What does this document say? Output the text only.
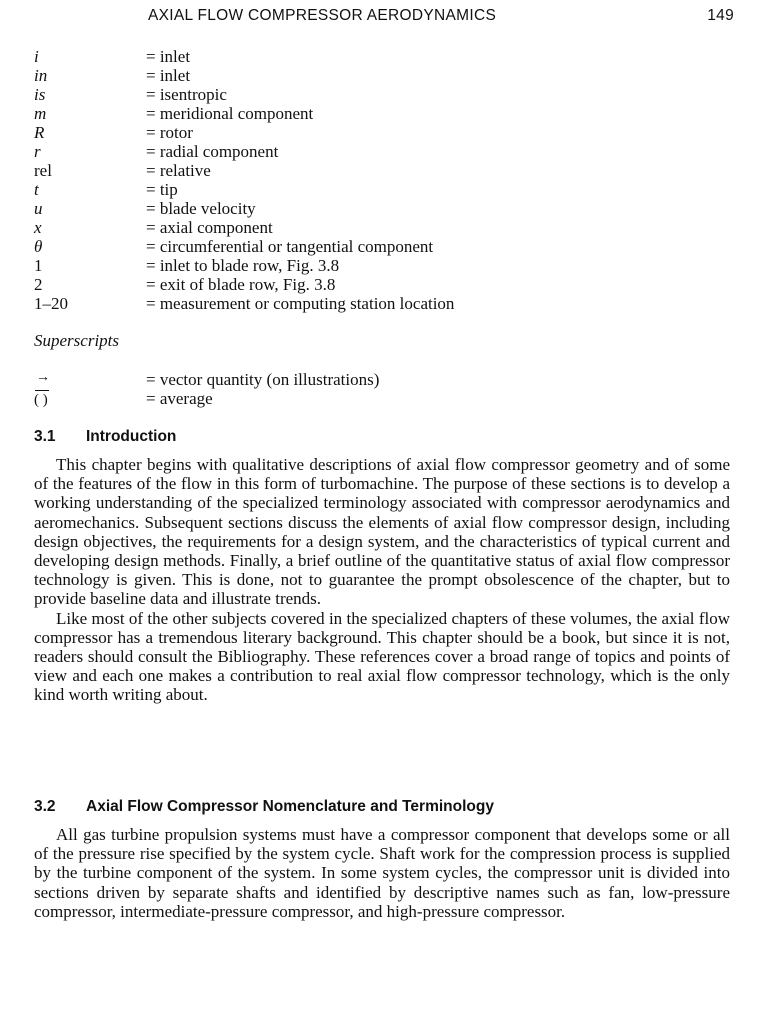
AXIAL FLOW COMPRESSOR AERODYNAMICS	149
i	= inlet
in	= inlet
is	= isentropic
m	= meridional component
R	= rotor
r	= radial component
rel	= relative
t	= tip
u	= blade velocity
x	= axial component
θ	= circumferential or tangential component
1	= inlet to blade row, Fig. 3.8
2	= exit of blade row, Fig. 3.8
1–20	= measurement or computing station location
Superscripts
→	= vector quantity (on illustrations)
( )	= average
3.1 Introduction

This chapter begins with qualitative descriptions of axial flow compressor geometry and of some of the features of the flow in this form of turbomachine. The purpose of these sections is to develop a working understanding of the specialized terminology associated with compressor aerodynamics and aeromechanics. Subsequent sections discuss the elements of axial flow compressor design, including design objectives, the requirements for a design system, and the characteristics of typical current and developing design methods. Finally, a brief outline of the quantitative status of axial flow compressor technology is given. This is done, not to guarantee the prompt obsolescence of the chapter, but to provide baseline data and illustrate trends.

Like most of the other subjects covered in the specialized chapters of these volumes, the axial flow compressor has a tremendous literary background. This chapter should be a book, but since it is not, readers should consult the Bibliography. These references cover a broad range of topics and points of view and each one makes a contribution to real axial flow compressor technology, which is the only kind worth writing about.

3.2 Axial Flow Compressor Nomenclature and Terminology

All gas turbine propulsion systems must have a compressor component that develops some or all of the pressure rise specified by the system cycle. Shaft work for the compression process is supplied by the turbine component of the system. In some system cycles, the compressor unit is divided into sections driven by separate shafts and identified by descriptive names such as fan, low-pressure compressor, intermediate-pressure compressor, and high-pressure compressor.
